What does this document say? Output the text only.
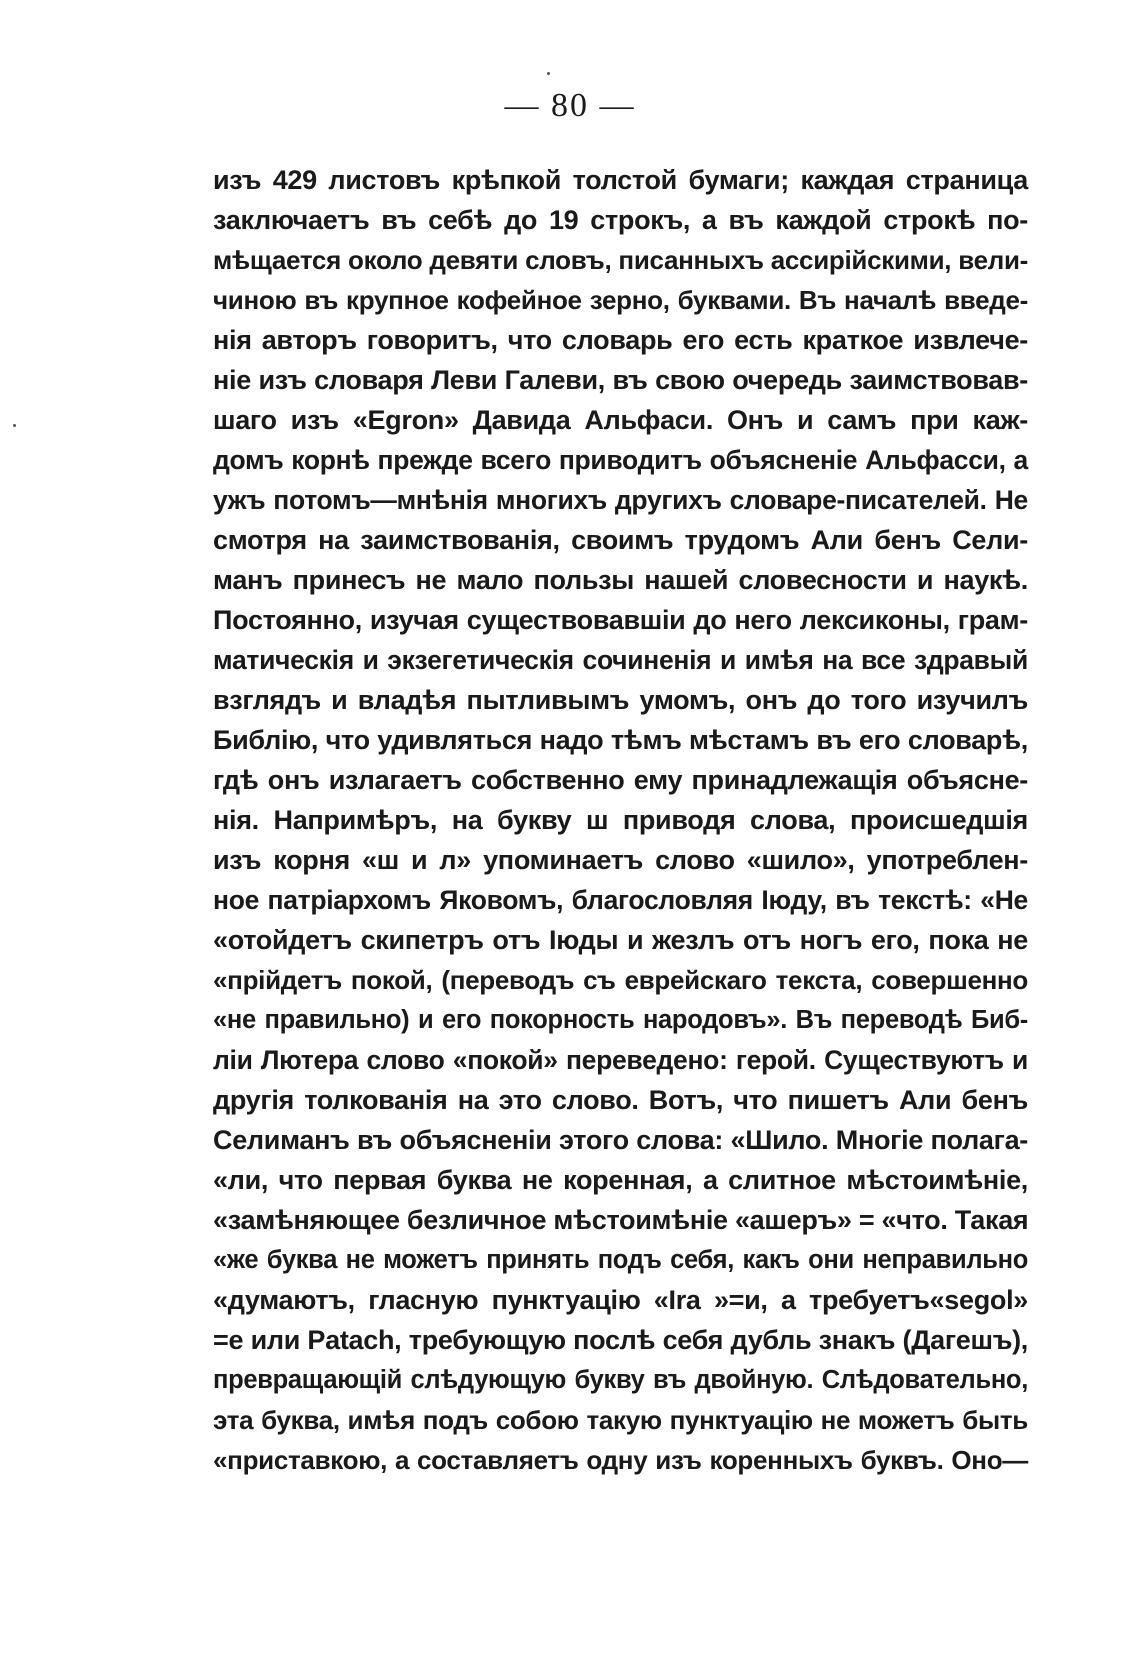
— 80 —
изъ 429 листовъ крѣпкой толстой бумаги; каждая страница
заключаетъ въ себѣ до 19 строкъ, а въ каждой строкѣ по-
мѣщается около девяти словъ, писанныхъ ассирійскими, вели-
чиною въ крупное кофейное зерно, буквами. Въ началѣ введе-
нія авторъ говоритъ, что словарь его есть краткое извлече-
ніе изъ словаря Леви Галеви, въ свою очередь заимствовав-
шаго изъ «Egron» Давида Альфаси. Онъ и самъ при каж-
домъ корнѣ прежде всего приводитъ объясненіе Альфасси, а
ужъ потомъ—мнѣнія многихъ другихъ словаре-писателей. Не
смотря на заимствованія, своимъ трудомъ Али бенъ Сели-
манъ принесъ не мало пользы нашей словесности и наукѣ.
Постоянно, изучая существовавшіи до него лексиконы, грам-
матическія и экзегетическія сочиненія и имѣя на все здравый
взглядъ и владѣя пытливымъ умомъ, онъ до того изучилъ
Библію, что удивляться надо тѣмъ мѣстамъ въ его словарѣ,
гдѣ онъ излагаетъ собственно ему принадлежащія объясне-
нія. Напримѣръ, на букву ш приводя слова, происшедшія
изъ корня «ш и л» упоминаетъ слово «шило», употреблен-
ное патріархомъ Яковомъ, благословляя Іюду, въ текстѣ: «Не
«отойдетъ скипетръ отъ Іюды и жезлъ отъ ногъ его, пока не
«прійдетъ покой, (переводъ съ еврейскаго текста, совершенно
«не правильно) и его покорность народовъ». Въ переводѣ Биб-
ліи Лютера слово «покой» переведено: герой. Существуютъ и
другія толкованія на это слово. Вотъ, что пишетъ Али бенъ
Селиманъ въ объясненіи этого слова: «Шило. Многіе полага-
«ли, что первая буква не коренная, а слитное мѣстоимѣніе,
«замѣняющее безличное мѣстоимѣніе «ашеръ» = «что. Такая
«же буква не можетъ принять подъ себя, какъ они неправильно
«думаютъ, гласную пунктуацію «Ira »=и, а требуетъ«segol»
=е или Patach, требующую послѣ себя дубль знакъ (Дагешъ),
превращающій слѣдующую букву въ двойную. Слѣдовательно,
эта буква, имѣя подъ собою такую пунктуацію не можетъ быть
«приставкою, а составляетъ одну изъ коренныхъ буквъ. Оно—
